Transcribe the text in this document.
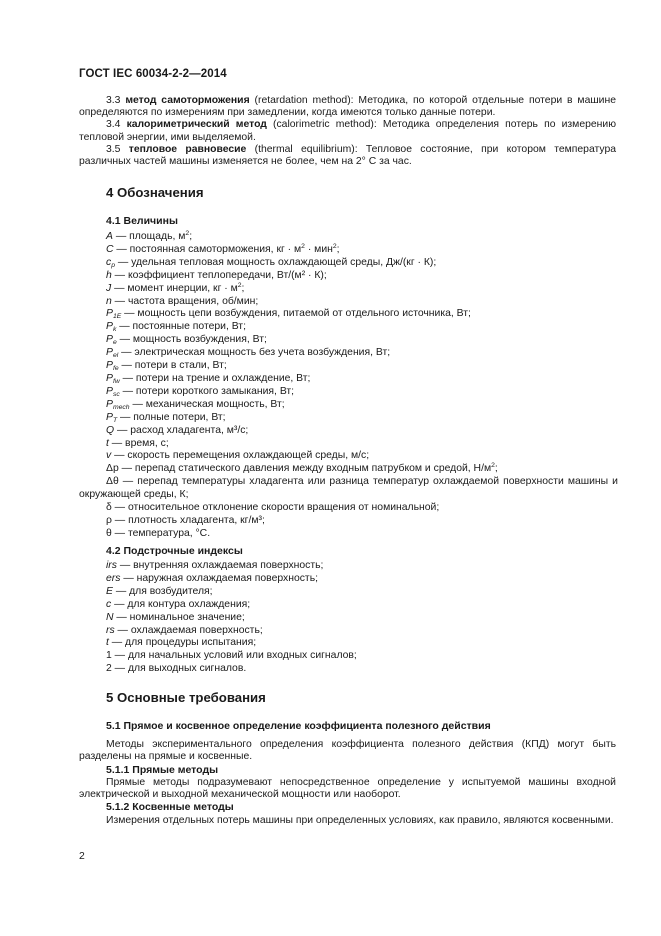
ГОСТ IEC 60034-2-2—2014

3.3 метод самоторможения (retardation method): Методика, по которой отдельные потери в машине определяются по измерениям при замедлении, когда имеются только данные потери.

3.4 калориметрический метод (calorimetric method): Методика определения потерь по измерению тепловой энергии, ими выделяемой.

3.5 тепловое равновесие (thermal equilibrium): Тепловое состояние, при котором температура различных частей машины изменяется не более, чем на 2° С за час.

4 Обозначения
4.1 Величины
A — площадь, $м^2$;
C — постоянная самоторможения, кг · $м^2 \cdot мин^2$;
$c_p$ — удельная тепловая мощность охлаждающей среды, Дж/(кг · К);
h — коэффициент теплопередачи, Вт/(м² · К);
J — момент инерции, кг · $м^2$;
n — частота вращения, об/мин;
$P_{1E}$ — мощность цепи возбуждения, питаемой от отдельного источника, Вт;
$P_k$ — постоянные потери, Вт;
$P_e$ — мощность возбуждения, Вт;
$P_{el}$ — электрическая мощность без учета возбуждения, Вт;
$P_{fe}$ — потери в стали, Вт;
$P_{fw}$ — потери на трение и охлаждение, Вт;
$P_{sc}$ — потери короткого замыкания, Вт;
$P_{mech}$ — механическая мощность, Вт;
$P_T$ — полные потери, Вт;
Q — расход хладагента, м³/с;
t — время, с;
v — скорость перемещения охлаждающей среды, м/с;
Δp — перепад статического давления между входным патрубком и средой, $Н/м^2$;
Δθ — перепад температуры хладагента или разница температур охлаждаемой поверхности машины и окружающей среды, К;
δ — относительное отклонение скорости вращения от номинальной;
ρ — плотность хладагента, кг/м³;
θ — температура, °С.
4.2 Подстрочные индексы
irs — внутренняя охлаждаемая поверхность;
ers — наружная охлаждаемая поверхность;
E — для возбудителя;
c — для контура охлаждения;
N — номинальное значение;
rs — охлаждаемая поверхность;
t — для процедуры испытания;
1 — для начальных условий или входных сигналов;
2 — для выходных сигналов.
5 Основные требования
5.1 Прямое и косвенное определение коэффициента полезного действия

Методы экспериментального определения коэффициента полезного действия (КПД) могут быть разделены на прямые и косвенные.

5.1.1 Прямые методы

Прямые методы подразумевают непосредственное определение у испытуемой машины входной электрической и выходной механической мощности или наоборот.

5.1.2 Косвенные методы

Измерения отдельных потерь машины при определенных условиях, как правило, являются косвенными.

2
